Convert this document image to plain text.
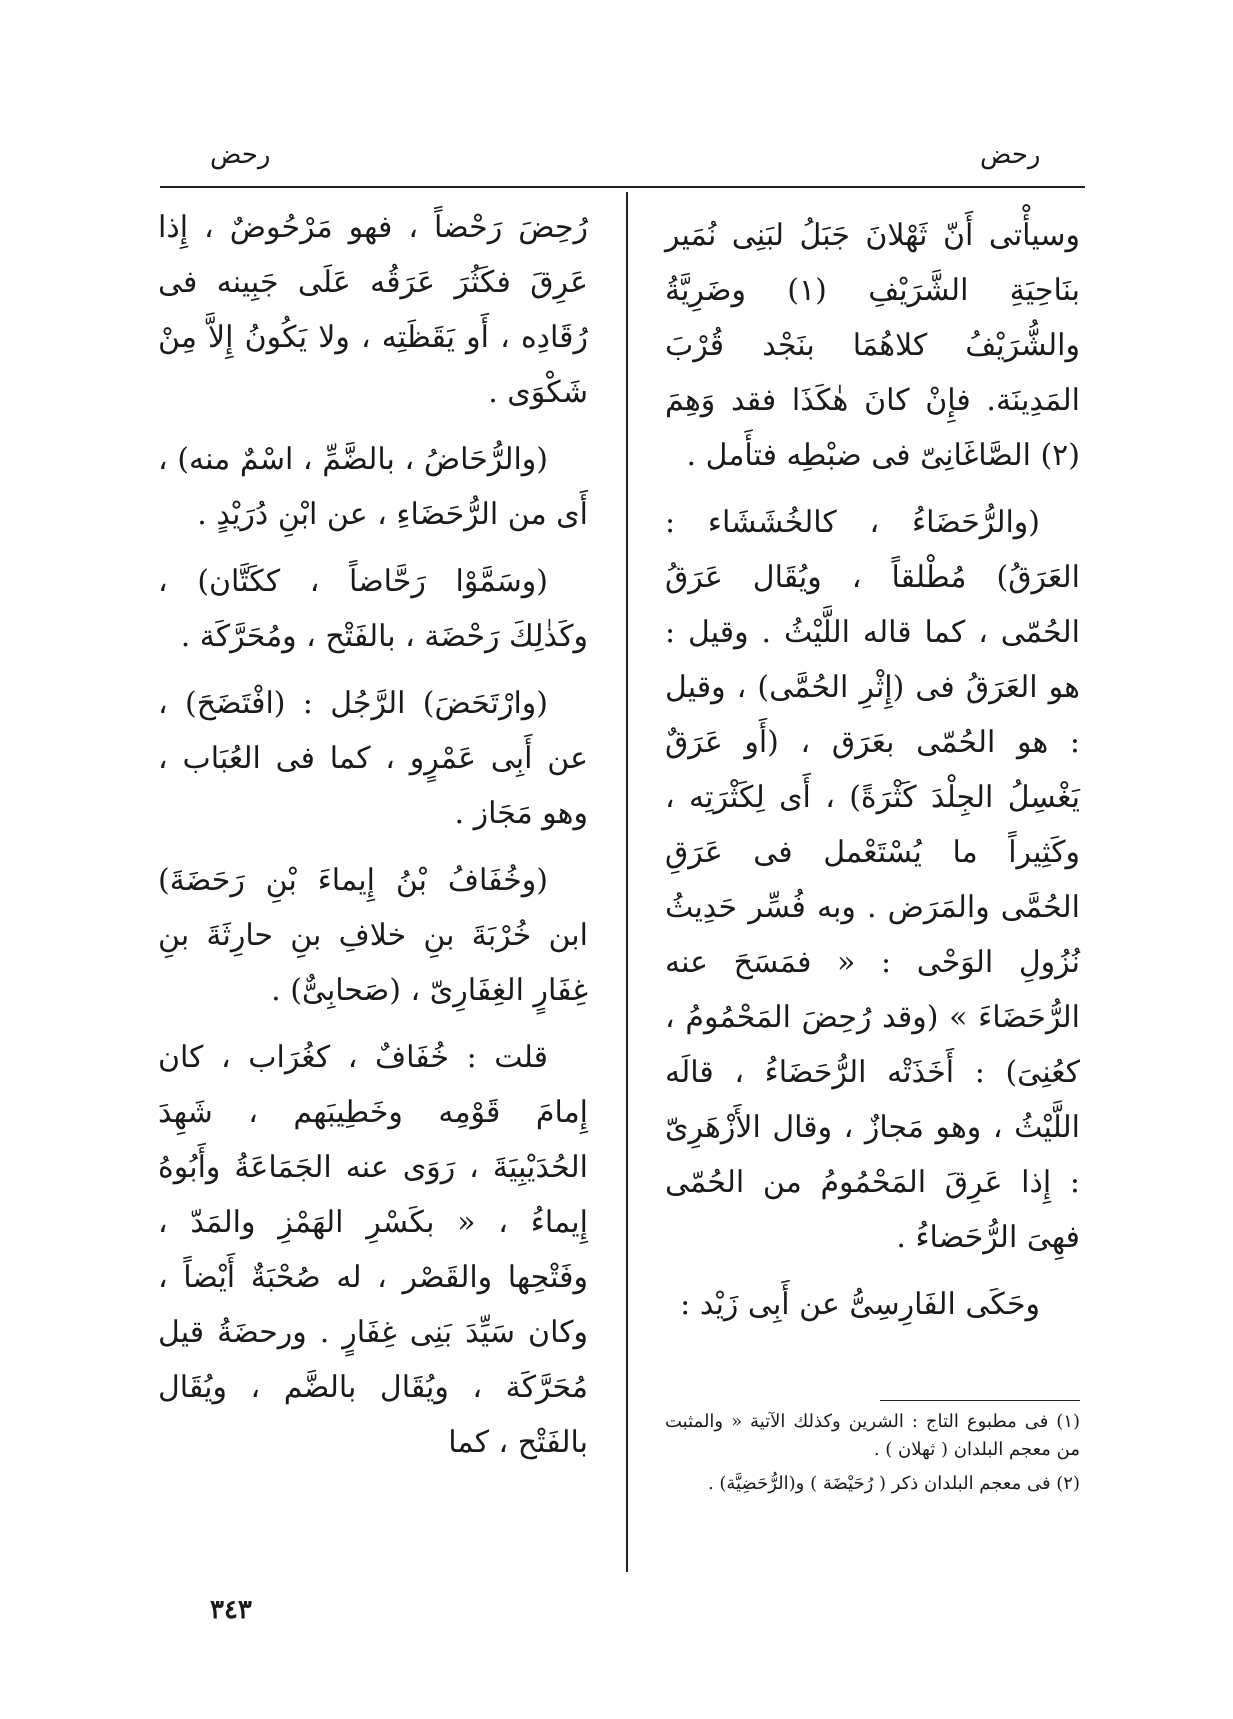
رحض	رحض

وسيأْتى أَنّ ثَهْلانَ جَبَلُ لبَنِى نُمَير بنَاحِيَةِ الشَّرَيْفِ (١) وضَرِيَّةُ والشُّرَيْفُ كلاهُمَا بنَجْد قُرْبَ المَدِينَة. فإِنْ كانَ هٰكَذَا فقد وَهِمَ (٢) الصَّاغَانِىّ فى ضبْطِه فتأَمل .

(والرُّحَضَاءُ ، كالخُشَشَاء : العَرَقُ) مُطْلقاً ، ويُقَال عَرَقُ الحُمّى ، كما قاله اللَّيْثُ . وقيل : هو العَرَقُ فى (إِثْرِ الحُمَّى) ، وقيل : هو الحُمّى بعَرَق ، (أَو عَرَقٌ يَغْسِلُ الجِلْدَ كَثْرَةً) ، أَى لِكَثْرَتِه ، وكَثِيراً ما يُسْتَعْمل فى عَرَقِ الحُمَّى والمَرَض . وبه فُسِّر حَدِيثُ نُزُولِ الوَحْى : « فمَسَحَ عنه الرُّحَضَاءَ » (وقد رُحِضَ المَحْمُومُ ، كعُنِىَ) : أَخَذَتْه الرُّحَضَاءُ ، قالَه اللَّيْثُ ، وهو مَجازٌ ، وقال الأَزْهَرِىّ : إِذا عَرِقَ المَحْمُومُ من الحُمّى فهِىَ الرُّحَضاءُ .

وحَكَى الفَارِسِىُّ عن أَبِى زَيْد :

(١) فى مطبوع التاج : الشرين وكذلك الآتية « والمثبت من معجم البلدان ( ثهلان ) .

(٢) فى معجم البلدان ذكر ( رُحَيْضَة ) و(الرُّحَضِيَّة) .

رُحِضَ رَحْضاً ، فهو مَرْحُوضٌ ، إِذا عَرِقَ فكَثُرَ عَرَقُه عَلَى جَبِينه فى رُقَادِه ، أَو يَقَظَتِه ، ولا يَكُونُ إِلاَّ مِنْ شَكْوَى .

(والرُّحَاضُ ، بالضَّمِّ ، اسْمٌ منه) ، أَى من الرُّحَضَاءِ ، عن ابْنِ دُرَيْدٍ .

(وسَمَّوْا رَحَّاضاً ، ككَتَّان) ، وكَذٰلِكَ رَحْضَة ، بالفَتْح ، ومُحَرَّكَة .

(وارْتَحَضَ) الرَّجُل : (افْتَضَحَ) ، عن أَبِى عَمْرٍو ، كما فى العُبَاب ، وهو مَجَاز .

(وخُفَافُ بْنُ إِيماءَ بْنِ رَحَضَةَ) ابن خُرْبَةَ بنِ خلافِ بنِ حارِثَةَ بنِ غِفَارٍ الغِفَارِىّ ، (صَحابِىٌّ) .

قلت : خُفَافٌ ، كغُرَاب ، كان إِمامَ قَوْمِه وخَطِيبَهم ، شَهِدَ الحُدَيْبِيَةَ ، رَوَى عنه الجَمَاعَةُ وأَبُوهُ إِيماءُ ، « بكَسْرِ الهَمْزِ والمَدّ ، وفَتْحِها والقَصْر ، له صُحْبَةٌ أَيْضاً ، وكان سَيِّدَ بَنِى غِفَارٍ . ورحضَةُ قيل مُحَرَّكَة ، ويُقَال بالضَّم ، ويُقَال بالفَتْح ، كما

٣٤٣
